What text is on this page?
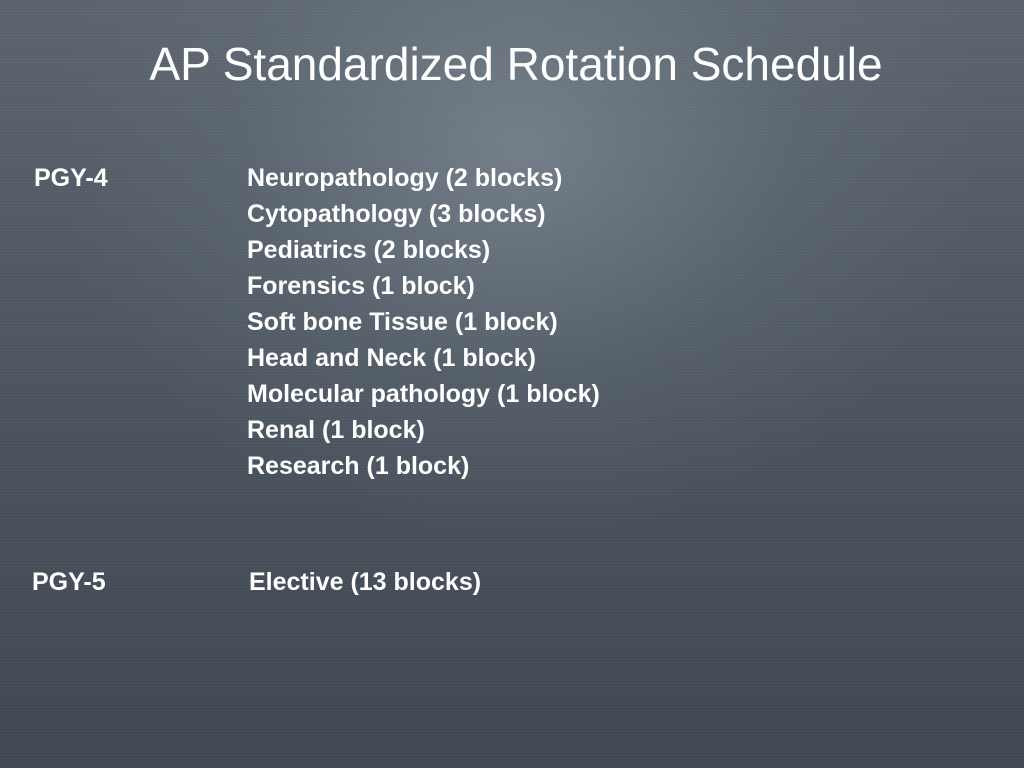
AP Standardized Rotation Schedule
PGY-4	Neuropathology (2 blocks)
Cytopathology (3 blocks)
Pediatrics (2 blocks)
Forensics (1 block)
Soft bone Tissue (1 block)
Head and Neck (1 block)
Molecular pathology (1 block)
Renal (1 block)
Research (1 block)
PGY-5	Elective (13 blocks)
